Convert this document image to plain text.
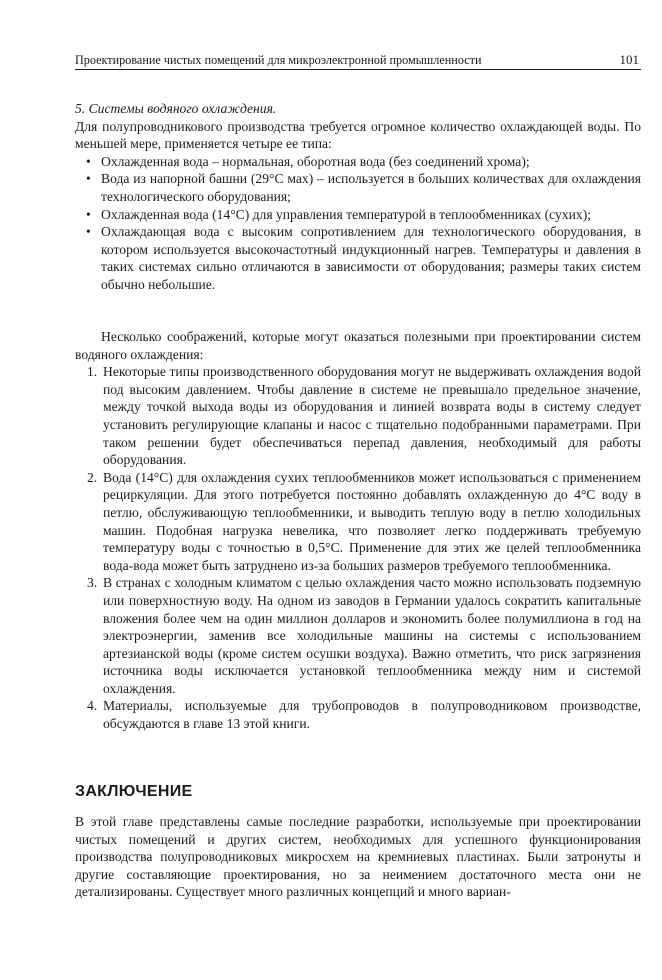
Проектирование чистых помещений для микроэлектронной промышленности	101

5. Системы водяного охлаждения.

Для полупроводникового производства требуется огромное количество охлаждающей воды. По меньшей мере, применяется четыре ее типа:

• Охлажденная вода – нормальная, оборотная вода (без соединений хрома);
• Вода из напорной башни (29°С мах) – используется в больших количествах для охлаждения технологического оборудования;
• Охлажденная вода (14°С) для управления температурой в теплообменниках (сухих);
• Охлаждающая вода с высоким сопротивлением для технологического оборудования, в котором используется высокочастотный индукционный нагрев. Температуры и давления в таких системах сильно отличаются в зависимости от оборудования; размеры таких систем обычно небольшие.

Несколько соображений, которые могут оказаться полезными при проектировании систем водяного охлаждения:

1. Некоторые типы производственного оборудования могут не выдерживать охлаждения водой под высоким давлением. Чтобы давление в системе не превышало предельное значение, между точкой выхода воды из оборудования и линией возврата воды в систему следует установить регулирующие клапаны и насос с тщательно подобранными параметрами. При таком решении будет обеспечиваться перепад давления, необходимый для работы оборудования.
2. Вода (14°С) для охлаждения сухих теплообменников может использоваться с применением рециркуляции. Для этого потребуется постоянно добавлять охлажденную до 4°С воду в петлю, обслуживающую теплообменники, и выводить теплую воду в петлю холодильных машин. Подобная нагрузка невелика, что позволяет легко поддерживать требуемую температуру воды с точностью в 0,5°С. Применение для этих же целей теплообменника вода-вода может быть затруднено из-за больших размеров требуемого теплообменника.
3. В странах с холодным климатом с целью охлаждения часто можно использовать подземную или поверхностную воду. На одном из заводов в Германии удалось сократить капитальные вложения более чем на один миллион долларов и экономить более полумиллиона в год на электроэнергии, заменив все холодильные машины на системы с использованием артезианской воды (кроме систем осушки воздуха). Важно отметить, что риск загрязнения источника воды исключается установкой теплообменника между ним и системой охлаждения.
4. Материалы, используемые для трубопроводов в полупроводниковом производстве, обсуждаются в главе 13 этой книги.
ЗАКЛЮЧЕНИЕ

В этой главе представлены самые последние разработки, используемые при проектировании чистых помещений и других систем, необходимых для успешного функционирования производства полупроводниковых микросхем на кремниевых пластинах. Были затронуты и другие составляющие проектирования, но за неимением достаточного места они не детализированы. Существует много различных концепций и много вариан-
